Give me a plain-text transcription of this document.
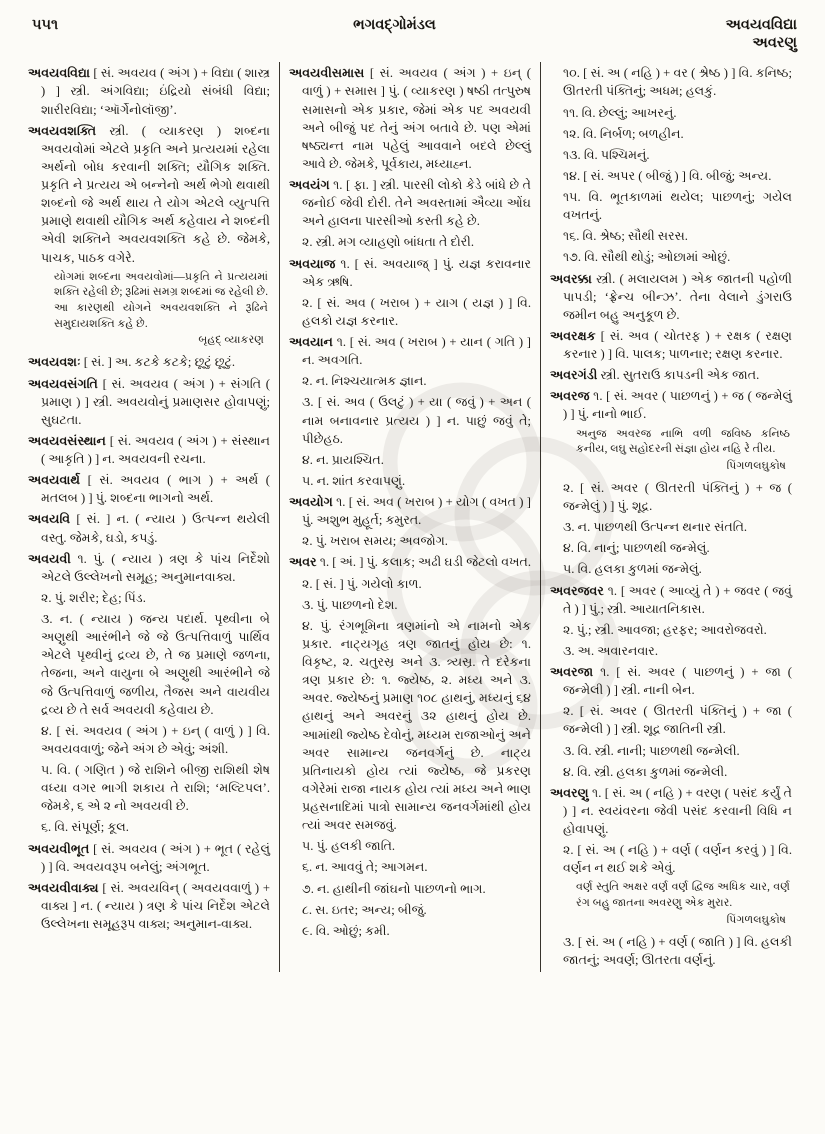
૫૫૧	ભગવદ્ગોમંડલ	અવયવવિદ્યા
અવરણુ

અવયવવિદ્યા [ સં. અવયવ ( અંગ ) + વિદ્યા ( શાસ્ત્ર ) ] સ્ત્રી. અંગવિદ્યા; ઇંદ્રિયો સંબંધી વિદ્યા; શારીરવિદ્યા; ‘ઑર્ગેનોલૉજી’.

અવયવશક્તિ સ્ત્રી. ( વ્યાકરણ ) શબ્દના અવયવોમાં એટલે પ્રકૃતિ અને પ્રત્યયમાં રહેલા અર્થનો બોધ કરવાની શક્તિ; યૌગિક શક્તિ. પ્રકૃતિ ને પ્રત્યય એ બન્નેનો અર્થ ભેગો થવાથી શબ્દનો જે અર્થ થાય તે યોગ એટલે વ્યુત્પત્તિ પ્રમાણે થવાથી યૌગિક અર્થ કહેવાય ને શબ્દની એવી શક્તિને અવયવશક્તિ કહે છે. જેમકે, પાચક, પાઠક વગેરે.

યોગમાં શબ્દના અવયવોમાં—પ્રકૃતિ ને પ્રત્યયમાં શક્તિ રહેલી છે; રૂઢિમાં સમગ્ર શબ્દમાં જ રહેલી છે. આ કારણથી યોગને અવયવશક્તિ ને રૂઢિને સમુદાયશક્તિ કહે છે.

બૃહદ્ વ્યાકરણ

અવયવશઃ [ સં. ] અ. કટકે કટકે; છૂટું છૂટું.

અવયવસંગતિ [ સં. અવયવ ( અંગ ) + સંગતિ ( પ્રમાણ ) ] સ્ત્રી. અવયવોનું પ્રમાણસર હોવાપણું; સુઘટતા.

અવયવસંસ્થાન [ સં. અવયવ ( અંગ ) + સંસ્થાન ( આકૃતિ ) ] ન. અવયવની રચના.

અવયવાર્થ [ સં. અવયવ ( ભાગ ) + અર્થ ( મતલબ ) ] પું. શબ્દના ભાગનો અર્થ.

અવયવિ [ સં. ] ન. ( ન્યાય ) ઉત્પન્ન થયેલી વસ્તુ. જેમકે, ઘડો, કપડું.

અવયવી ૧. પું. ( ન્યાય ) ત્રણ કે પાંચ નિર્દેશો એટલે ઉલ્લેખનો સમૂહ; અનુમાનવાક્ય.

૨. પું. શરીર; દેહ; પિંડ.

૩. ન. ( ન્યાય ) જન્ય પદાર્થ. પૃથ્વીના બે અણુથી આરંભીને જે જે ઉત્પત્તિવાળું પાર્થિવ એટલે પૃથ્વીનું દ્રવ્ય છે, તે જ પ્રમાણે જળના, તેજના, અને વાયુના બે અણુથી આરંભીને જે જે ઉત્પત્તિવાળું જળીય, તૈજસ અને વાયવીય દ્રવ્ય છે તે સર્વ અવયવી કહેવાય છે.

૪. [ સં. અવયવ ( અંગ ) + ઇન્ ( વાળું ) ] વિ. અવયવવાળું; જેને અંગ છે એવું; અંશી.

૫. વિ. ( ગણિત ) જે રાશિને બીજી રાશિથી શેષ વધ્યા વગર ભાગી શકાય તે રાશિ; ‘મલ્ટિપલ’. જેમકે, ૬ એ ૨ નો અવયવી છે.

૬. વિ. સંપૂર્ણ; કૂલ.

અવયવીભૂત [ સં. અવયવ ( અંગ ) + ભૂત ( રહેલું ) ] વિ. અવયવરૂપ બનેલું; અંગભૂત.

અવયવીવાક્ય [ સં. અવયવિન્ ( અવયવવાળું ) + વાક્ય ] ન. ( ન્યાય ) ત્રણ કે પાંચ નિર્દેશ એટલે ઉલ્લેખના સમૂહરૂપ વાક્ય; અનુમાન-વાક્ય.

અવયવીસમાસ [ સં. અવયવ ( અંગ ) + ઇન્ ( વાળું ) + સમાસ ] પું. ( વ્યાકરણ ) ષષ્ઠી તત્પુરુષ સમાસનો એક પ્રકાર, જેમાં એક પદ અવયવી અને બીજું પદ તેનું અંગ બતાવે છે. પણ એમાં ષષ્ઠ્યન્ત નામ પહેલું આવવાને બદલે છેલ્લું આવે છે. જેમકે, પૂર્વકાય, મધ્યાહ્ન.

અવયંગ ૧. [ ફા. ] સ્ત્રી. પારસી લોકો કેડે બાંધે છે તે જનોઈ જેવી દોરી. તેને અવસ્તામાં ઐવ્યા ઓંઘ અને હાલના પારસીઓ કસ્તી કહે છે.

૨. સ્ત્રી. મગ વ્યાહણો બાંધતા તે દોરી.

અવયાજ ૧. [ સં. અવયાજ્ ] પું. યજ્ઞ કરાવનાર એક ઋષિ.

૨. [ સં. અવ ( ખરાબ ) + યાગ ( યજ્ઞ ) ] વિ. હલકો યજ્ઞ કરનાર.

અવયાન ૧. [ સં. અવ ( ખરાબ ) + યાન ( ગતિ ) ] ન. અવગતિ.

૨. ન. નિશ્ચયાત્મક જ્ઞાન.

૩. [ સં. અવ ( ઉલટું ) + યા ( જવું ) + અન ( નામ બનાવનાર પ્રત્યય ) ] ન. પાછું જવું તે; પીછેહઠ.

૪. ન. પ્રાયશ્ચિત.

૫. ન. શાંત કરવાપણું.

અવયોગ ૧. [ સં. અવ ( ખરાબ ) + યોગ ( વખત ) ] પું. અશુભ મુહૂર્ત; કમુરત.

૨. પું. ખરાબ સમય; અવજોગ.

અવર ૧. [ અં. ] પું. કલાક; અઢી ઘડી જેટલો વખત.

૨. [ સં. ] પું. ગયેલો કાળ.

૩. પું. પાછળનો દેશ.

૪. પું. રંગભૂમિના ત્રણમાંનો એ નામનો એક પ્રકાર. નાટ્યગૃહ ત્રણ જાતનું હોય છે: ૧. વિકૃષ્ટ, ૨. ચતુરસ્ર અને ૩. ત્ર્યસ્ર. તે દરેકના ત્રણ પ્રકાર છે: ૧. જ્યેષ્ઠ, ૨. મધ્ય અને ૩. અવર. જ્યેષ્ઠનું પ્રમાણ ૧૦૮ હાથનું, મધ્યનું ૬૪ હાથનું અને અવરનું ૩૨ હાથનું હોય છે. આમાંથી જ્યેષ્ઠ દેવોનું, મધ્યમ રાજાઓનું અને અવર સામાન્ય જનવર્ગનું છે. નાટ્ય પ્રતિનાયકો હોય ત્યાં જ્યેષ્ઠ, જે પ્રકરણ વગેરેમાં રાજા નાયક હોય ત્યાં મધ્ય અને ભાણ પ્રહસનાદિમાં પાત્રો સામાન્ય જનવર્ગમાંથી હોય ત્યાં અવર સમજવું.

૫. પું. હલકી જાતિ.

૬. ન. આવવું તે; આગમન.

૭. ન. હાથીની જાંઘનો પાછળનો ભાગ.

૮. સ. ઇતર; અન્ય; બીજું.

૯. વિ. ઓછું; કમી.

૧૦. [ સં. અ ( નહિ ) + વર ( શ્રેષ્ઠ ) ] વિ. કનિષ્ઠ; ઊતરતી પંક્તિનું; અધમ; હલકું.

૧૧. વિ. છેલ્લું; આખરનું.

૧૨. વિ. નિર્બળ; બળહીન.

૧૩. વિ. પશ્ચિમનું.

૧૪. [ સં. અપર ( બીજું ) ] વિ. બીજું; અન્ય.

૧૫. વિ. ભૂતકાળમાં થયેલ; પાછળનું; ગયેલ વખતનું.

૧૬. વિ. શ્રેષ્ઠ; સૌથી સરસ.

૧૭. વિ. સૌથી થોડું; ઓછામાં ઓછું.

અવરક્કા સ્ત્રી. ( મલાયલમ ) એક જાતની પહોળી પાપડી; ‘ફ્રેન્ચ બીન્ઝ’. તેના વેલાને ડુંગરાઉ જમીન બહુ અનુકૂળ છે.

અવરક્ષક [ સં. અવ ( ચોતરફ ) + રક્ષક ( રક્ષણ કરનાર ) ] વિ. પાલક; પાળનાર; રક્ષણ કરનાર.

અવરગંડી સ્ત્રી. સુતરાઉ કાપડની એક જાત.

અવરજ ૧. [ સં. અવર ( પાછળનું ) + જ ( જન્મેલું ) ] પું. નાનો ભાઈ.

અનુજ અવરજ નાભિ વળી જવિષ્ઠ કનિષ્ઠ કનીય, લઘુ સહોદરની સંજ્ઞા હોય નહિ રે તીય.

પિંગળલઘુકોષ

૨. [ સં. અવર ( ઊતરતી પંક્તિનું ) + જ ( જન્મેલું ) ] પું. શૂદ્ર.

૩. ન. પાછળથી ઉત્પન્ન થનાર સંતતિ.

૪. વિ. નાનું; પાછળથી જન્મેલું.

૫. વિ. હલકા કુળમાં જન્મેલું.

અવરજવર ૧. [ અવર ( આવ્યું તે ) + જવર ( જવું તે ) ] પું.; સ્ત્રી. આયાતનિકાસ.

૨. પું.; સ્ત્રી. આવજા; હરફર; આવરોજવરો.

૩. અ. અવારનવાર.

અવરજા ૧. [ સં. અવર ( પાછળનું ) + જા ( જન્મેલી ) ] સ્ત્રી. નાની બેન.

૨. [ સં. અવર ( ઊતરતી પંક્તિનું ) + જા ( જન્મેલી ) ] સ્ત્રી. શૂદ્ર જાતિની સ્ત્રી.

૩. વિ. સ્ત્રી. નાની; પાછળથી જન્મેલી.

૪. વિ. સ્ત્રી. હલકા કુળમાં જન્મેલી.

અવરણુ ૧. [ સં. અ ( નહિ ) + વરણ ( પસંદ કર્યું તે ) ] ન. સ્વયંવરના જેવી પસંદ કરવાની વિધિ ન હોવાપણું.

૨. [ સં. અ ( નહિ ) + વર્ણ ( વર્ણન કરવું ) ] વિ. વર્ણન ન થઈ શકે એવું.

વર્ણ સ્તુતિ અક્ષર વર્ણ વર્ણ દ્વિજ અધિક ચાર, વર્ણ રંગ બહુ જાતના અવરણુ એક મુરાર.

પિંગળલઘુકોષ

૩. [ સં. અ ( નહિ ) + વર્ણ ( જાતિ ) ] વિ. હલકી જાતનું; અવર્ણ; ઊતરતા વર્ણનું.
